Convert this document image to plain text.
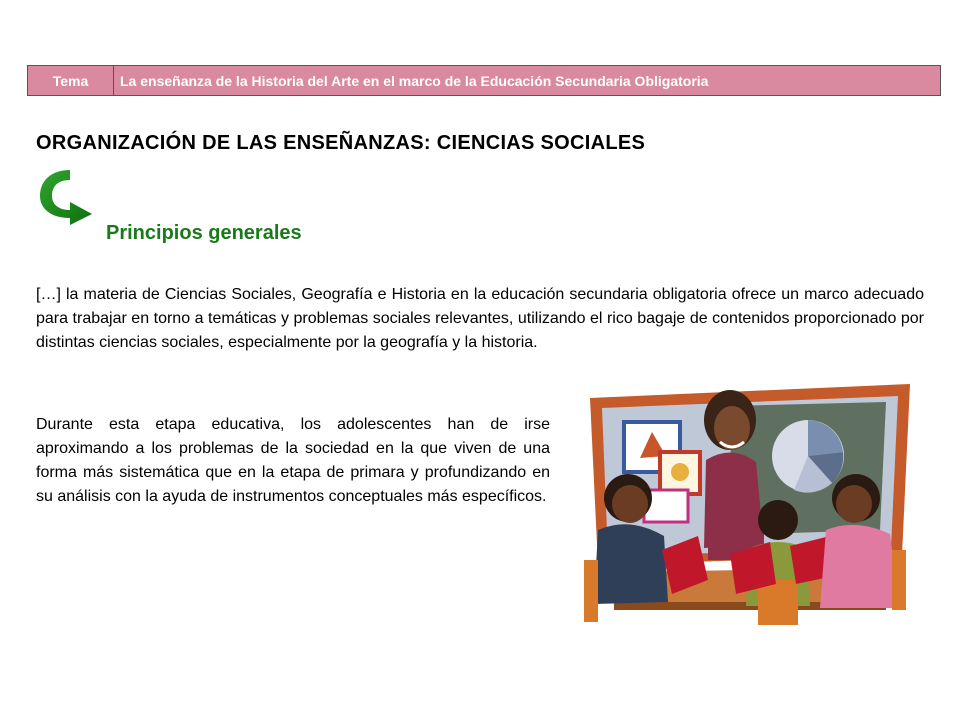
Tema	La enseñanza de la Historia del Arte en el marco de la Educación Secundaria Obligatoria
ORGANIZACIÓN DE LAS ENSEÑANZAS: CIENCIAS SOCIALES
Principios generales
[…] la materia de Ciencias Sociales, Geografía e Historia en la educación secundaria obligatoria ofrece un marco adecuado para trabajar en torno a temáticas y problemas sociales relevantes, utilizando el rico bagaje de contenidos proporcionado por distintas ciencias sociales, especialmente por la geografía y la historia.
Durante esta etapa educativa, los adolescentes han de irse aproximando a los problemas de la sociedad en la que viven de una forma más sistemática que en la etapa de primara y profundizando en su análisis con la ayuda de instrumentos conceptuales más específicos.
